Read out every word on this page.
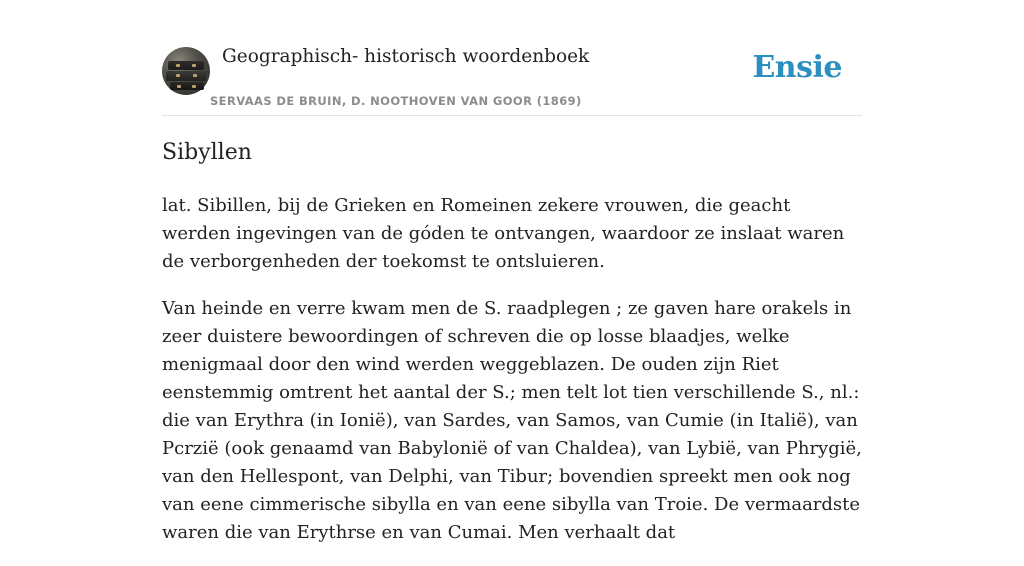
Geographisch- historisch woordenboek
SERVAAS DE BRUIN, D. NOOTHOVEN VAN GOOR (1869)
Ensie
Sibyllen

lat. Sibillen, bij de Grieken en Romeinen zekere vrouwen, die geacht werden ingevingen van de góden te ontvangen, waardoor ze inslaat waren de verborgenheden der toekomst te ontsluieren.

Van heinde en verre kwam men de S. raadplegen ; ze gaven hare orakels in zeer duistere bewoordingen of schreven die op losse blaadjes, welke menigmaal door den wind werden weggeblazen. De ouden zijn Riet eenstemmig omtrent het aantal der S.; men telt lot tien verschillende S., nl.: die van Erythra (in Ionië), van Sardes, van Samos, van Cumie (in Italië), van Pcrzië (ook genaamd van Babylonië of van Chaldea), van Lybië, van Phrygië, van den Hellespont, van Delphi, van Tibur; bovendien spreekt men ook nog van eene cimmerische sibylla en van eene sibylla van Troie. De vermaardste waren die van Erythrse en van Cumai. Men verhaalt dat
